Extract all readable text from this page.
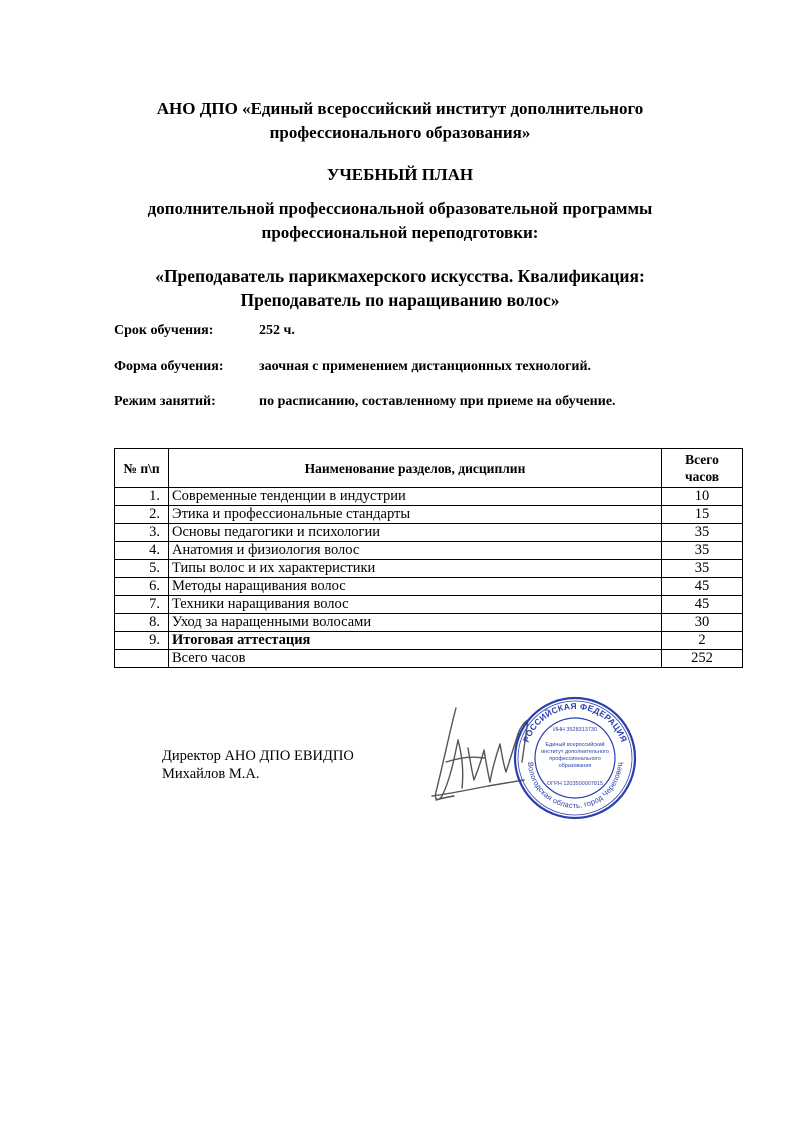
АНО ДПО «Единый всероссийский институт дополнительного
профессионального образования»
УЧЕБНЫЙ ПЛАН
дополнительной профессиональной образовательной программы
профессиональной переподготовки:
«Преподаватель парикмахерского искусства. Квалификация:
Преподаватель по наращиванию волос»
Срок обучения:	252 ч.
Форма обучения:	заочная с применением дистанционных технологий.
Режим занятий:	по расписанию, составленному при приеме на обучение.
№ п\п	Наименование разделов, дисциплин	Всего
часов

1.	Современные тенденции в индустрии	10
2.	Этика и профессиональные стандарты	15
3.	Основы педагогики и психологии	35
4.	Анатомия и физиология волос	35
5.	Типы волос и их характеристики	35
6.	Методы наращивания волос	45
7.	Техники наращивания волос	45
8.	Уход за наращенными волосами	30
9.	Итоговая аттестация	2
	Всего часов	252
Директор АНО ДПО ЕВИДПО
Михайлов М.А.
РОССИЙСКАЯ ФЕДЕРАЦИЯ
Вологодская область, город Череповец
ИНН 3528313730
Единый всероссийский
институт дополнительного
профессионального
образования
ОГРН 1203500007815
